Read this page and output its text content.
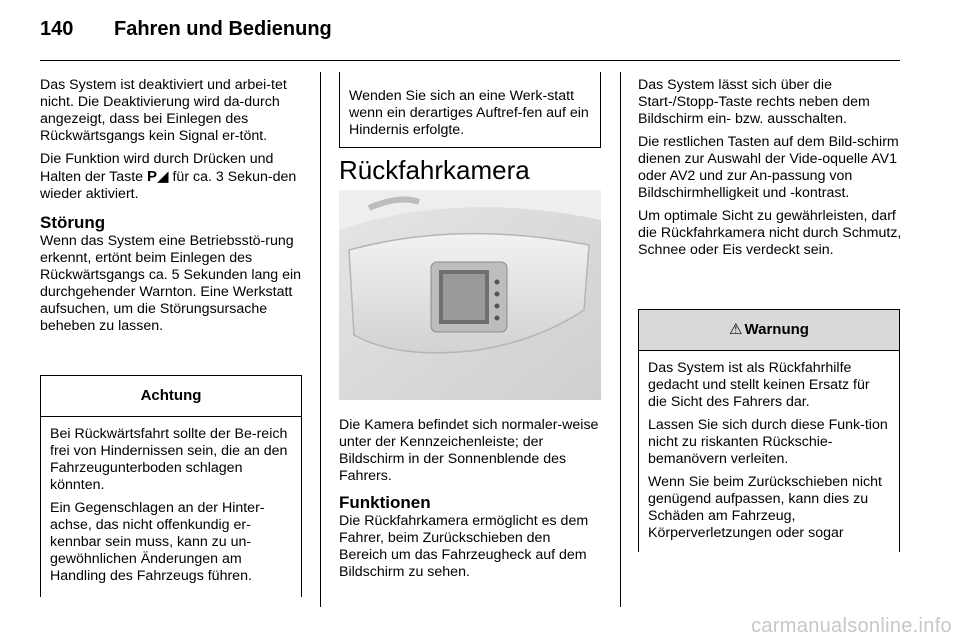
140 Fahren und Bedienung

Das System ist deaktiviert und arbei-tet nicht. Die Deaktivierung wird da-durch angezeigt, dass bei Einlegen des Rückwärtsgangs kein Signal er-tönt.

Die Funktion wird durch Drücken und Halten der Taste P◢ für ca. 3 Sekun-den wieder aktiviert.

Störung

Wenn das System eine Betriebsstö-rung erkennt, ertönt beim Einlegen des Rückwärtsgangs ca. 5 Sekunden lang ein durchgehender Warnton. Eine Werkstatt aufsuchen, um die Störungsursache beheben zu lassen.

Achtung

Bei Rückwärtsfahrt sollte der Be-reich frei von Hindernissen sein, die an den Fahrzeugunterboden schlagen könnten.

Ein Gegenschlagen an der Hinter-achse, das nicht offenkundig er-kennbar sein muss, kann zu un-gewöhnlichen Änderungen am Handling des Fahrzeugs führen.

Wenden Sie sich an eine Werk-statt wenn ein derartiges Auftref-fen auf ein Hindernis erfolgte.

Rückfahrkamera

Die Kamera befindet sich normaler-weise unter der Kennzeichenleiste; der Bildschirm in der Sonnenblende des Fahrers.

Funktionen

Die Rückfahrkamera ermöglicht es dem Fahrer, beim Zurückschieben den Bereich um das Fahrzeugheck auf dem Bildschirm zu sehen.

Das System lässt sich über die Start-/Stopp-Taste rechts neben dem Bildschirm ein- bzw. ausschalten.

Die restlichen Tasten auf dem Bild-schirm dienen zur Auswahl der Vide-oquelle AV1 oder AV2 und zur An-passung von Bildschirmhelligkeit und -kontrast.

Um optimale Sicht zu gewährleisten, darf die Rückfahrkamera nicht durch Schmutz, Schnee oder Eis verdeckt sein.

⚠ Warnung

Das System ist als Rückfahrhilfe gedacht und stellt keinen Ersatz für die Sicht des Fahrers dar.

Lassen Sie sich durch diese Funk-tion nicht zu riskanten Rückschie-bemanövern verleiten.

Wenn Sie beim Zurückschieben nicht genügend aufpassen, kann dies zu Schäden am Fahrzeug, Körperverletzungen oder sogar

carmanualsonline.info
